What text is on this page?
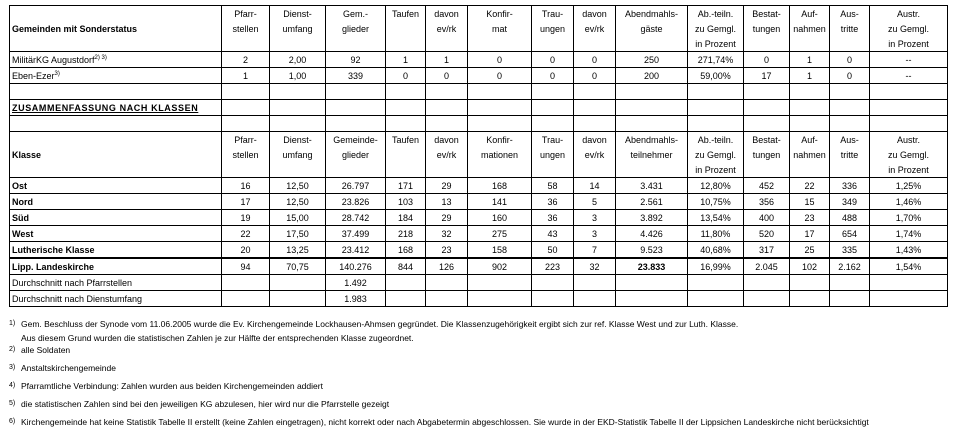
	Pfarr-	Dienst-	Gem.-	Taufen	davon	Konfir-	Trau-	davon	Abendmahls-	Ab.-teiln.	Bestat-	Auf-	Aus-	Austr.
Gemeinden mit Sonderstatus	stellen	umfang	glieder		ev/rk	mat	ungen	ev/rk	gäste	zu Gemgl.	tungen	nahmen	tritte	zu Gemgl.
										in Prozent				in Prozent
MilitärKG Augustdorf$^{2) 3)}$	2	2,00	92	1	1	0	0	0	250	271,74%	0	1	0	--
Eben-Ezer$^{3)}$	1	1,00	339	0	0	0	0	0	200	59,00%	17	1	0	--

ZUSAMMENFASSUNG NACH KLASSEN														

	Pfarr-	Dienst-	Gemeinde-	Taufen	davon	Konfir-	Trau-	davon	Abendmahls-	Ab.-teiln.	Bestat-	Auf-	Aus-	Austr.
Klasse	stellen	umfang	glieder		ev/rk	mationen	ungen	ev/rk	teilnehmer	zu Gemgl.	tungen	nahmen	tritte	zu Gemgl.
										in Prozent				in Prozent
Ost	16	12,50	26.797	171	29	168	58	14	3.431	12,80%	452	22	336	1,25%
Nord	17	12,50	23.826	103	13	141	36	5	2.561	10,75%	356	15	349	1,46%
Süd	19	15,00	28.742	184	29	160	36	3	3.892	13,54%	400	23	488	1,70%
West	22	17,50	37.499	218	32	275	43	3	4.426	11,80%	520	17	654	1,74%
Lutherische Klasse	20	13,25	23.412	168	23	158	50	7	9.523	40,68%	317	25	335	1,43%
Lipp. Landeskirche	94	70,75	140.276	844	126	902	223	32	23.833	16,99%	2.045	102	2.162	1,54%
Durchschnitt nach Pfarrstellen			1.492											
Durchschnitt nach Dienstumfang			1.983											
1) Gem. Beschluss der Synode vom 11.06.2005 wurde die Ev. Kirchengemeinde Lockhausen-Ahmsen gegründet. Die Klassenzugehörigkeit ergibt sich zur ref. Klasse West und zur Luth. Klasse.
Aus diesem Grund wurden die statistischen Zahlen je zur Hälfte der entsprechenden Klasse zugeordnet.
2) alle Soldaten
3) Anstaltskirchengemeinde
4) Pfarramtliche Verbindung: Zahlen wurden aus beiden Kirchengemeinden addiert
5) die statistischen Zahlen sind bei den jeweiligen KG abzulesen, hier wird nur die Pfarrstelle gezeigt
6) Kirchengemeinde hat keine Statistik Tabelle II erstellt (keine Zahlen eingetragen), nicht korrekt oder nach Abgabetermin abgeschlossen. Sie wurde in der EKD-Statistik Tabelle II der Lippsichen Landeskirche nicht berücksichtigt
